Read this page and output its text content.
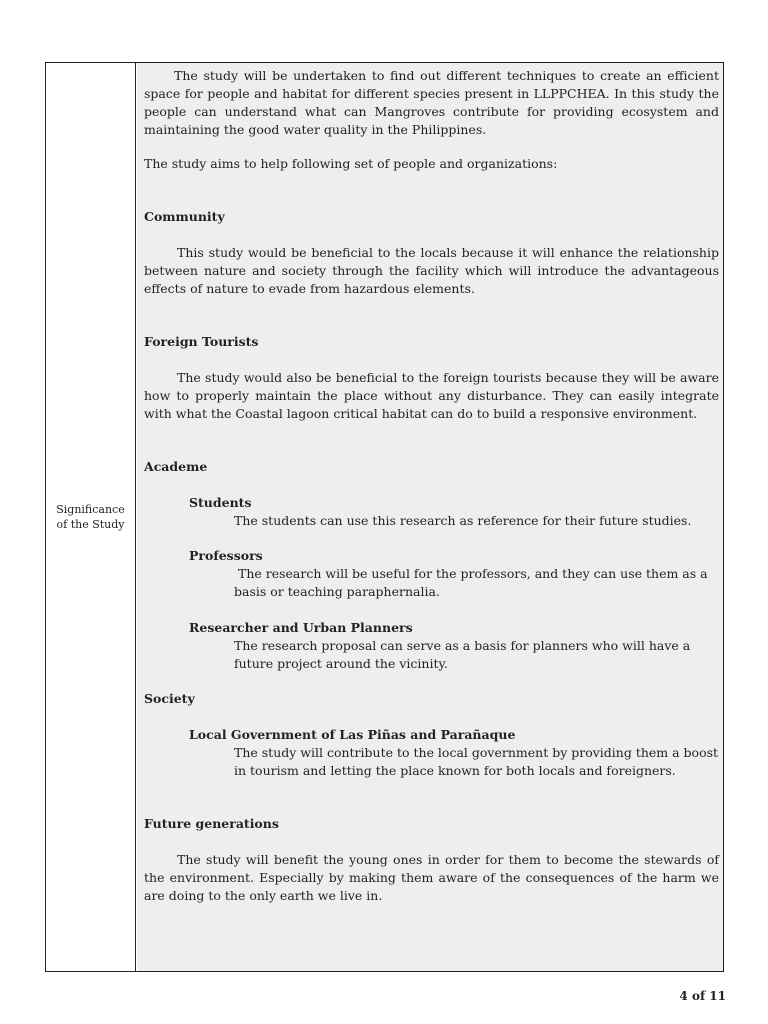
Significance of the Study
The study will be undertaken to find out different techniques to create an efficient space for people and habitat for different species present in LLPPCHEA. In this study the people can understand what can Mangroves contribute for providing ecosystem and maintaining the good water quality in the Philippines.
The study aims to help following set of people and organizations:
Community
This study would be beneficial to the locals because it will enhance the relationship between nature and society through the facility which will introduce the advantageous effects of nature to evade from hazardous elements.
Foreign Tourists
The study would also be beneficial to the foreign tourists because they will be aware how to properly maintain the place without any disturbance. They can easily integrate with what the Coastal lagoon critical habitat can do to build a responsive environment.
Academe
Students
The students can use this research as reference for their future studies.
Professors
The research will be useful for the professors, and they can use them as a basis or teaching paraphernalia.
Researcher and Urban Planners
The research proposal can serve as a basis for planners who will have a future project around the vicinity.
Society
Local Government of Las Piñas and Parañaque
The study will contribute to the local government by providing them a boost in tourism and letting the place known for both locals and foreigners.
Future generations
The study will benefit the young ones in order for them to become the stewards of the environment. Especially by making them aware of the consequences of the harm we are doing to the only earth we live in.
4 of 11
